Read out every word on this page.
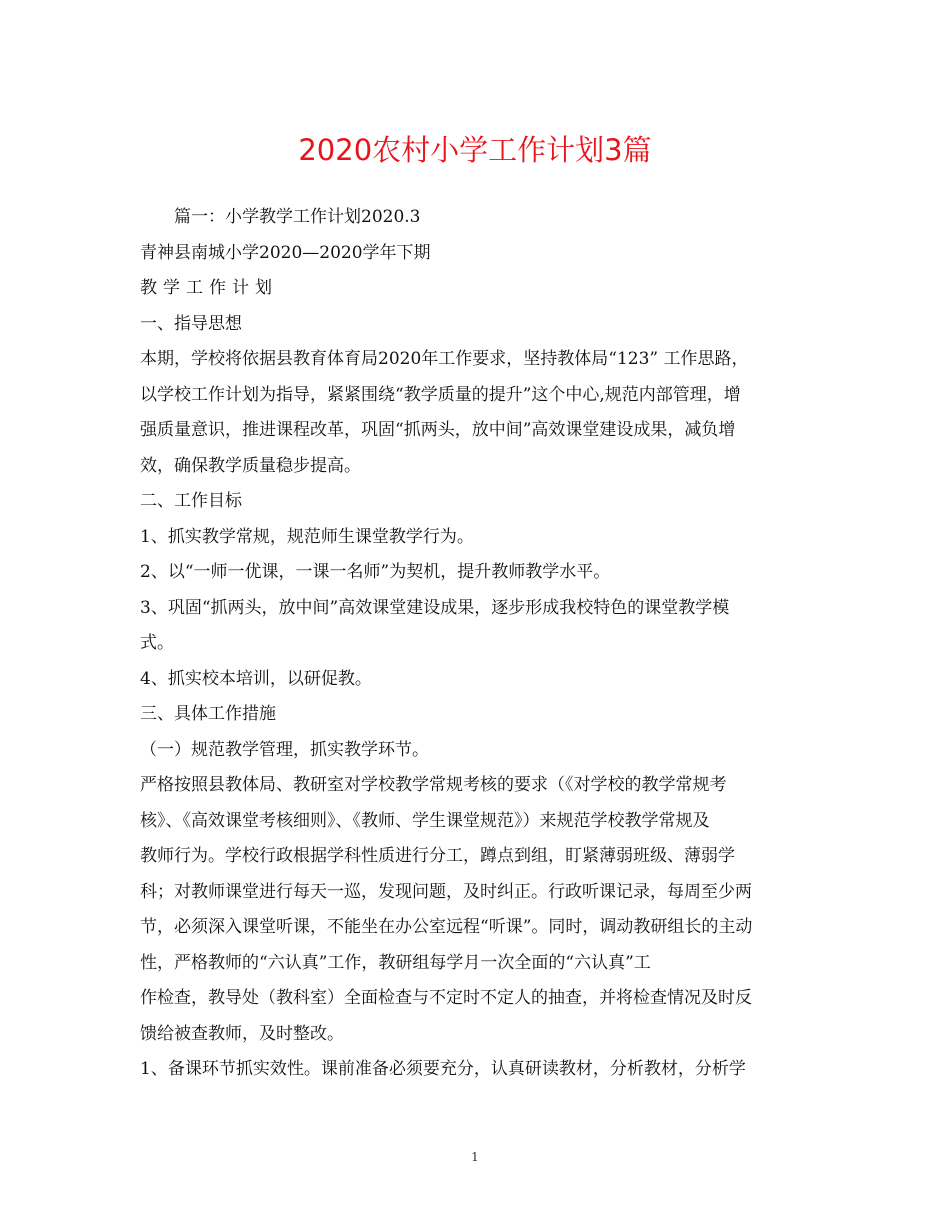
2020农村小学工作计划3篇
篇一：小学教学工作计划2020.3
青神县南城小学2020—2020学年下期
教学工作计划
一、指导思想
本期，学校将依据县教育体育局2020年工作要求，坚持教体局“123” 工作思路，
以学校工作计划为指导，紧紧围绕“教学质量的提升”这个中心,规范内部管理，增
强质量意识，推进课程改革，巩固“抓两头，放中间”高效课堂建设成果，减负增
效，确保教学质量稳步提高。
二、工作目标
1、抓实教学常规，规范师生课堂教学行为。
2、以“一师一优课，一课一名师”为契机，提升教师教学水平。
3、巩固“抓两头，放中间”高效课堂建设成果，逐步形成我校特色的课堂教学模
式。
4、抓实校本培训，以研促教。
三、具体工作措施
（一）规范教学管理，抓实教学环节。
严格按照县教体局、教研室对学校教学常规考核的要求（《对学校的教学常规考
核》、《高效课堂考核细则》、《教师、学生课堂规范》）来规范学校教学常规及
教师行为。学校行政根据学科性质进行分工，蹲点到组，盯紧薄弱班级、薄弱学
科；对教师课堂进行每天一巡，发现问题，及时纠正。行政听课记录，每周至少两
节，必须深入课堂听课，不能坐在办公室远程“听课”。同时，调动教研组长的主动
性，严格教师的“六认真”工作，教研组每学月一次全面的“六认真”工
作检查，教导处（教科室）全面检查与不定时不定人的抽查，并将检查情况及时反
馈给被查教师，及时整改。
1、备课环节抓实效性。课前准备必须要充分，认真研读教材，分析教材，分析学
1
